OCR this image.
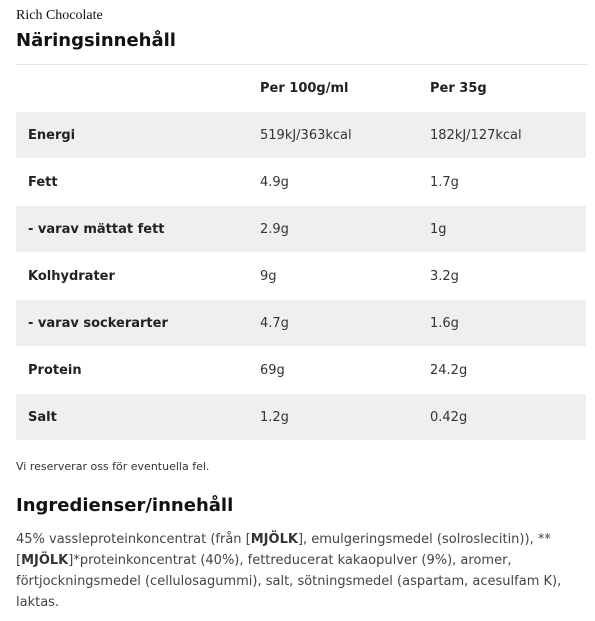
Rich Chocolate
Näringsinnehåll
	Per 100g/ml	Per 35g
Energi	519kJ/363kcal	182kJ/127kcal
Fett	4.9g	1.7g
- varav mättat fett	2.9g	1g
Kolhydrater	9g	3.2g
- varav sockerarter	4.7g	1.6g
Protein	69g	24.2g
Salt	1.2g	0.42g
Vi reserverar oss för eventuella fel.
Ingredienser/innehåll
45% vassleproteinkoncentrat (från [MJÖLK], emulgeringsmedel (solroslecitin)), ** [MJÖLK]*proteinkoncentrat (40%), fettreducerat kakaopulver (9%), aromer, förtjockningsmedel (cellulosagummi), salt, sötningsmedel (aspartam, acesulfam K), laktas.
